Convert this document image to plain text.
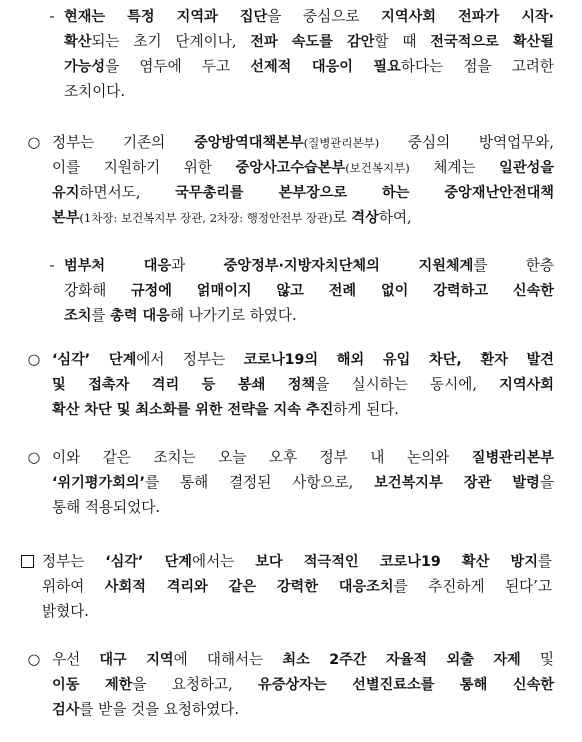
- 현재는 특정 지역과 집단을 중심으로 지역사회 전파가 시작·
확산되는 초기 단계이나, 전파 속도를 감안할 때 전국적으로 확산될
가능성을 염두에 두고 선제적 대응이 필요하다는 점을 고려한
조치이다.
○ 정부는 기존의 중앙방역대책본부(질병관리본부) 중심의 방역업무와,
이를 지원하기 위한 중앙사고수습본부(보건복지부) 체계는 일관성을
유지하면서도, 국무총리를 본부장으로 하는 중앙재난안전대책
본부(1차장: 보건복지부 장관, 2차장: 행정안전부 장관)로 격상하여,
- 범부처 대응과 중앙정부·지방자치단체의 지원체계를 한층
강화해 규정에 얽매이지 않고 전례 없이 강력하고 신속한
조치를 총력 대응해 나가기로 하였다.
○ ‘심각’ 단계에서 정부는 코로나19의 해외 유입 차단, 환자 발견
및 접촉자 격리 등 봉쇄 정책을 실시하는 동시에, 지역사회
확산 차단 및 최소화를 위한 전략을 지속 추진하게 된다.
○ 이와 같은 조치는 오늘 오후 정부 내 논의와 질병관리본부
‘위기평가회의’를 통해 결정된 사항으로, 보건복지부 장관 발령을
통해 적용되었다.
정부는 ‘심각’ 단계에서는 보다 적극적인 코로나19 확산 방지를
위하여 사회적 격리와 같은 강력한 대응조치를 추진하게 된다’고
밝혔다.
○ 우선 대구 지역에 대해서는 최소 2주간 자율적 외출 자제 및
이동 제한을 요청하고, 유증상자는 선별진료소를 통해 신속한
검사를 받을 것을 요청하였다.
